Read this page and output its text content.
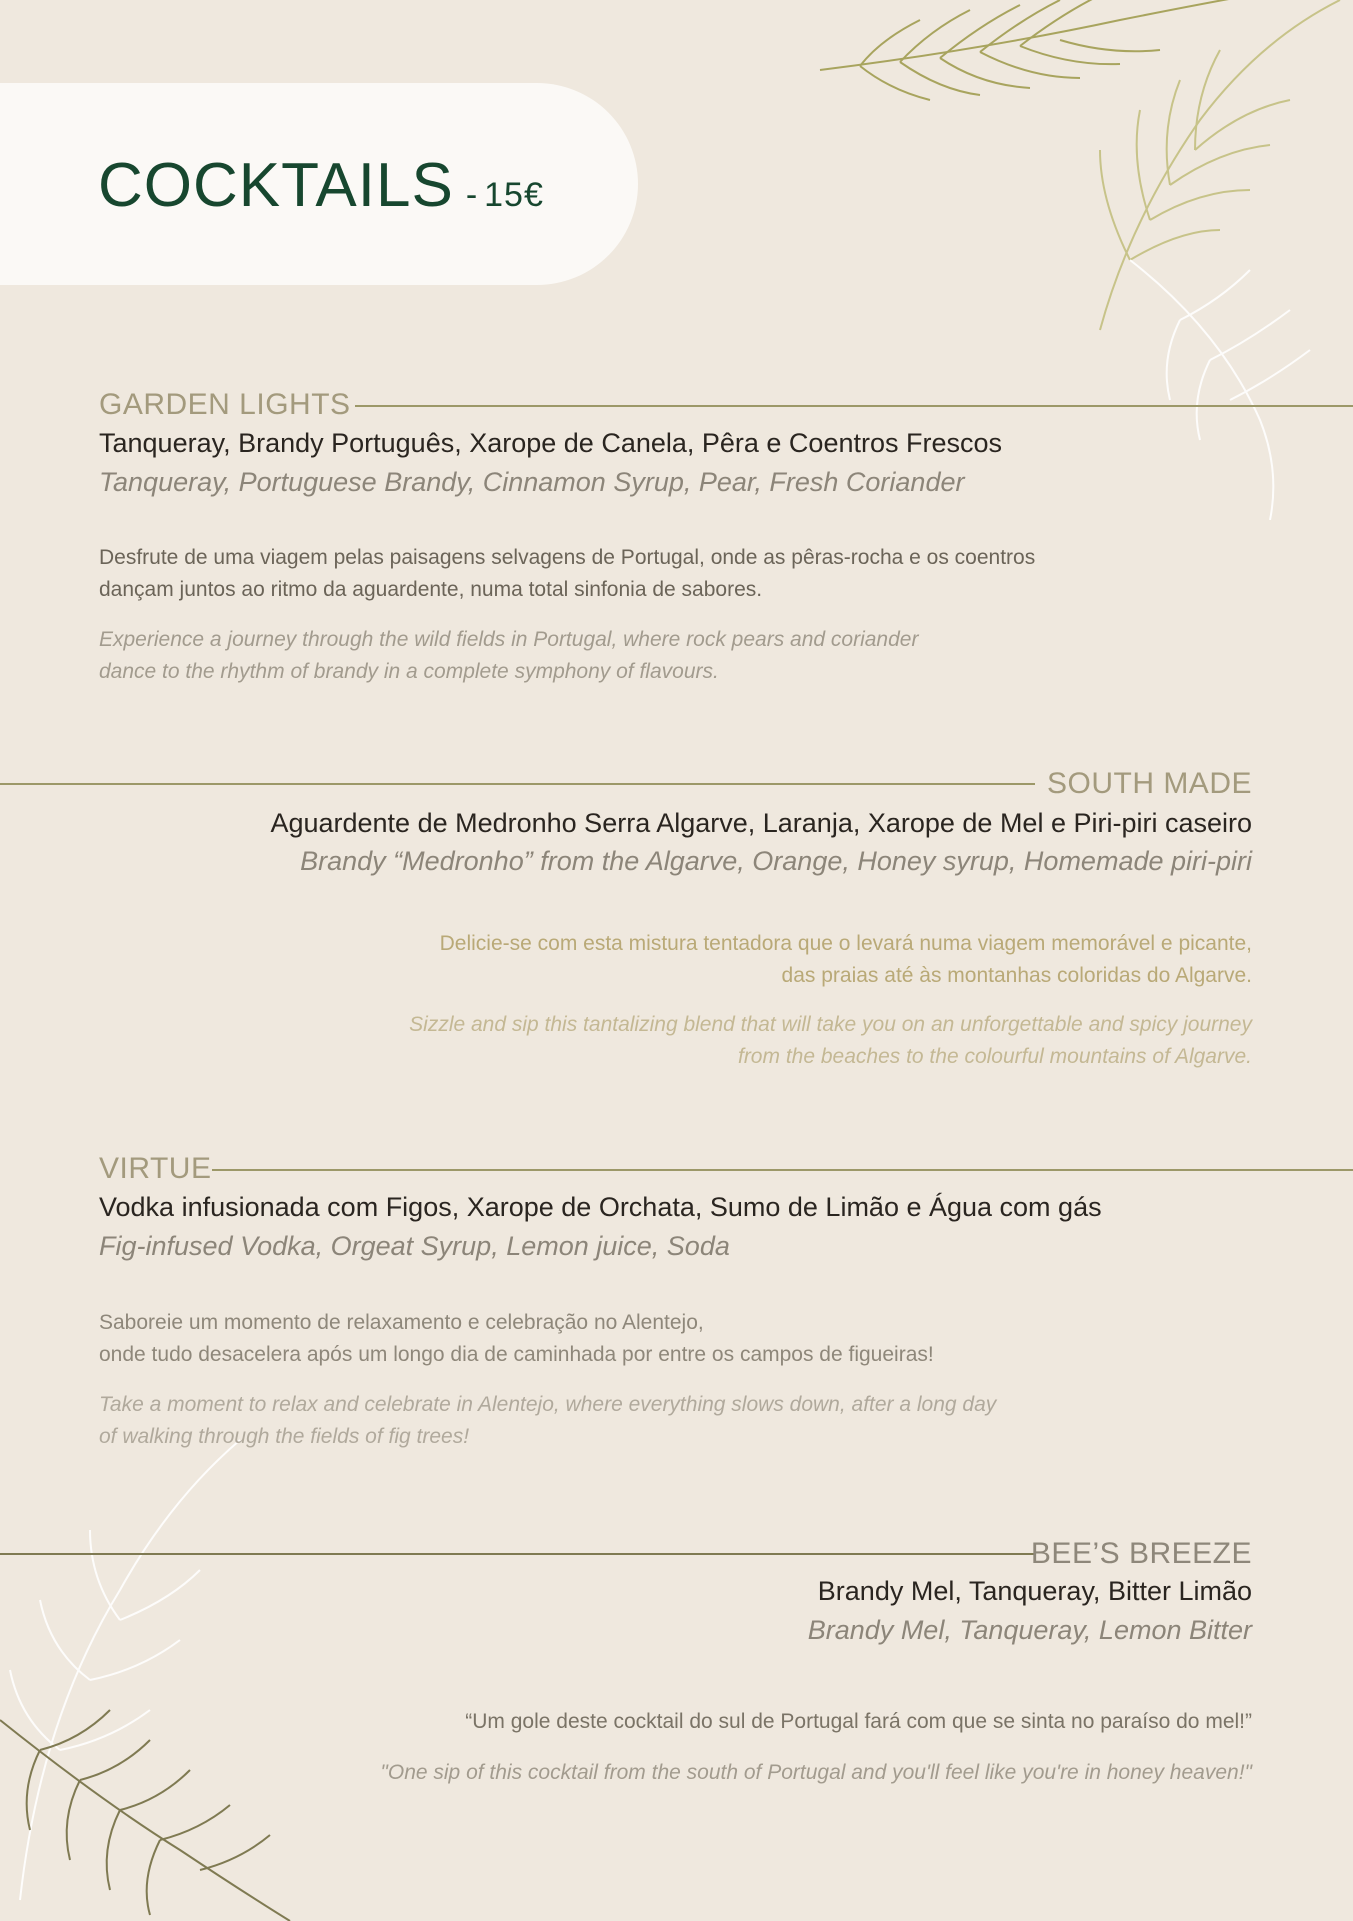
COCKTAILS - 15€
GARDEN LIGHTS
Tanqueray, Brandy Português, Xarope de Canela, Pêra e Coentros Frescos
Tanqueray, Portuguese Brandy, Cinnamon Syrup, Pear, Fresh Coriander

Desfrute de uma viagem pelas paisagens selvagens de Portugal, onde as pêras-rocha e os coentros
dançam juntos ao ritmo da aguardente, numa total sinfonia de sabores.

Experience a journey through the wild fields in Portugal, where rock pears and coriander
dance to the rhythm of brandy in a complete symphony of flavours.

SOUTH MADE
Aguardente de Medronho Serra Algarve, Laranja, Xarope de Mel e Piri-piri caseiro
Brandy “Medronho” from the Algarve, Orange, Honey syrup, Homemade piri-piri

Delicie-se com esta mistura tentadora que o levará numa viagem memorável e picante,
das praias até às montanhas coloridas do Algarve.

Sizzle and sip this tantalizing blend that will take you on an unforgettable and spicy journey
from the beaches to the colourful mountains of Algarve.

VIRTUE
Vodka infusionada com Figos, Xarope de Orchata, Sumo de Limão e Água com gás
Fig-infused Vodka, Orgeat Syrup, Lemon juice, Soda

Saboreie um momento de relaxamento e celebração no Alentejo,
onde tudo desacelera após um longo dia de caminhada por entre os campos de figueiras!

Take a moment to relax and celebrate in Alentejo, where everything slows down, after a long day
of walking through the fields of fig trees!

BEE’S BREEZE
Brandy Mel, Tanqueray, Bitter Limão
Brandy Mel, Tanqueray, Lemon Bitter

“Um gole deste cocktail do sul de Portugal fará com que se sinta no paraíso do mel!”

"One sip of this cocktail from the south of Portugal and you'll feel like you're in honey heaven!"
